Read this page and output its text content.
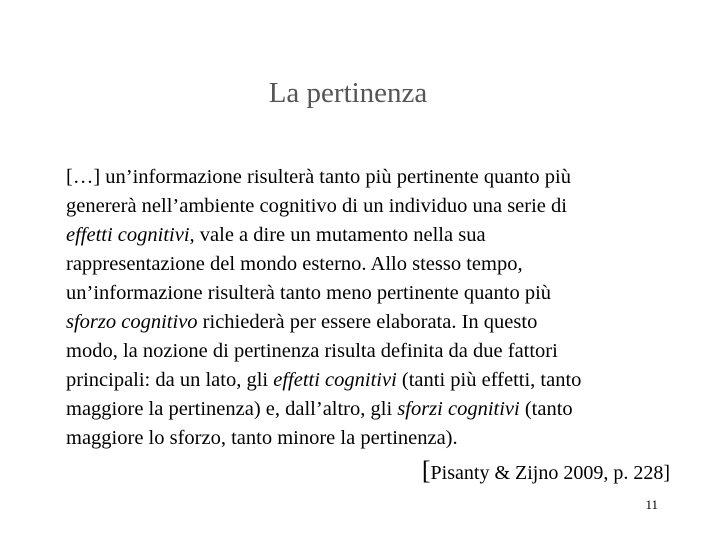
La pertinenza

[…] un’informazione risulterà tanto più pertinente quanto più
genererà nell’ambiente cognitivo di un individuo una serie di
effetti cognitivi, vale a dire un mutamento nella sua
rappresentazione del mondo esterno. Allo stesso tempo,
un’informazione risulterà tanto meno pertinente quanto più
sforzo cognitivo richiederà per essere elaborata. In questo
modo, la nozione di pertinenza risulta definita da due fattori
principali: da un lato, gli effetti cognitivi (tanti più effetti, tanto
maggiore la pertinenza) e, dall’altro, gli sforzi cognitivi (tanto
maggiore lo sforzo, tanto minore la pertinenza).

[Pisanty & Zijno 2009, p. 228]
11
